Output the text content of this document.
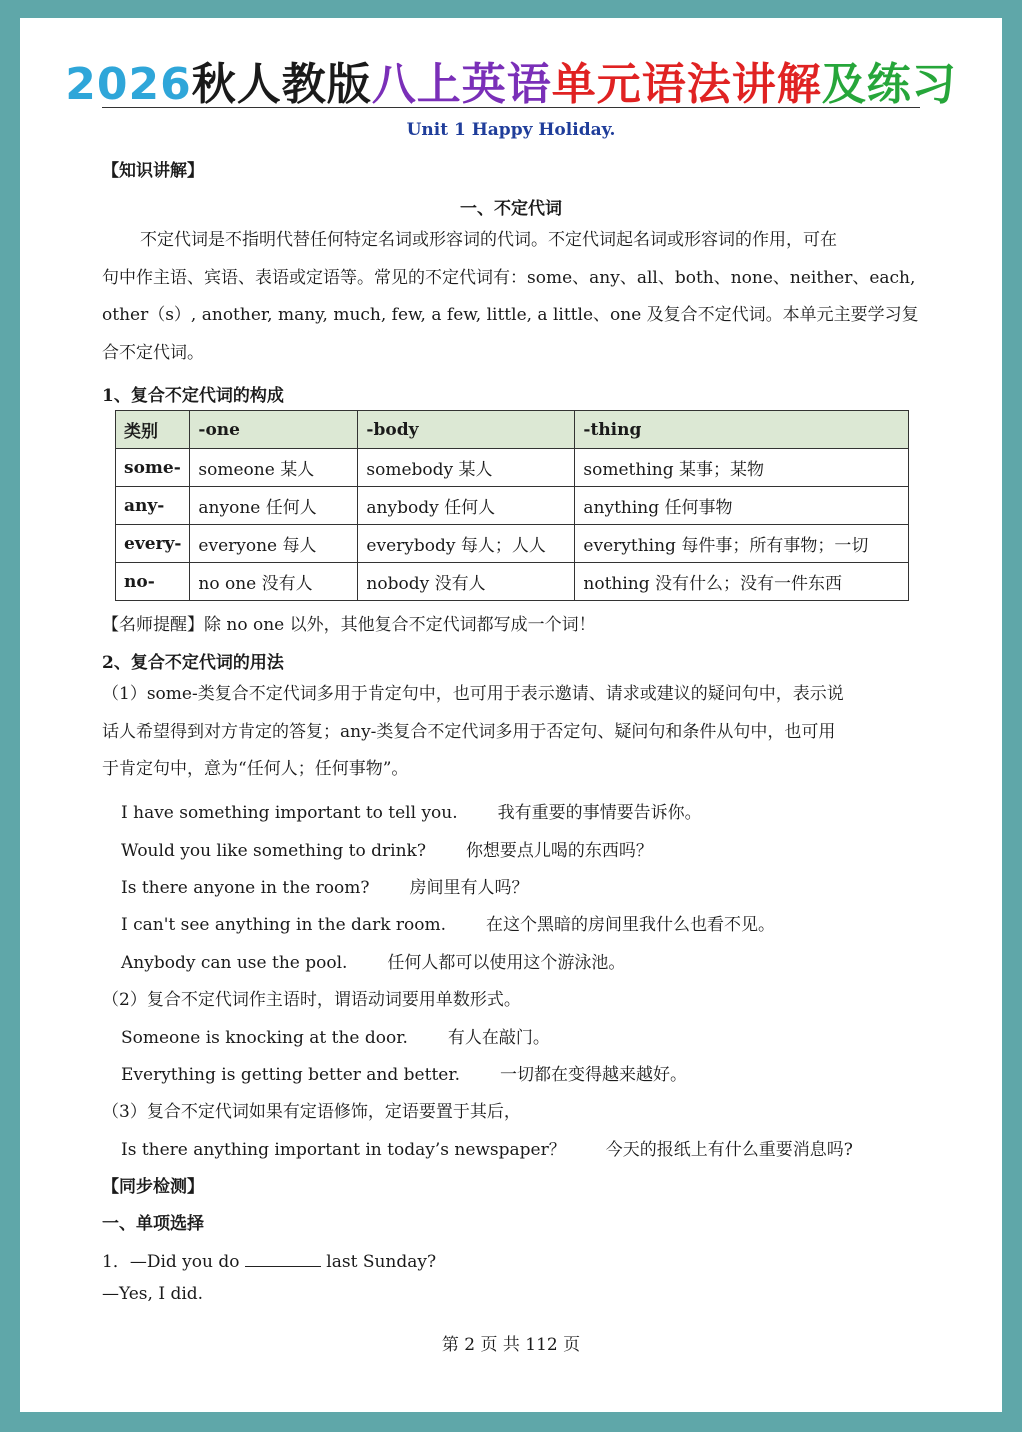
2026秋人教版八上英语单元语法讲解及练习
Unit 1 Happy Holiday.
【知识讲解】
一、不定代词
不定代词是不指明代替任何特定名词或形容词的代词。不定代词起名词或形容词的作用，可在
句中作主语、宾语、表语或定语等。常见的不定代词有：some、any、all、both、none、neither、each,
other（s）, another, many, much, few, a few, little, a little、one 及复合不定代词。本单元主要学习复
合不定代词。
1、复合不定代词的构成
类别	-one	-body	-thing
some-	someone 某人	somebody 某人	something 某事；某物
any-	anyone 任何人	anybody 任何人	anything 任何事物
every-	everyone 每人	everybody 每人；人人	everything 每件事；所有事物；一切
no-	no one 没有人	nobody 没有人	nothing 没有什么；没有一件东西
【名师提醒】除 no one 以外，其他复合不定代词都写成一个词！
2、复合不定代词的用法
（1）some-类复合不定代词多用于肯定句中，也可用于表示邀请、请求或建议的疑问句中，表示说
话人希望得到对方肯定的答复；any-类复合不定代词多用于否定句、疑问句和条件从句中，也可用
于肯定句中，意为“任何人；任何事物”。
I have something important to tell you. 我有重要的事情要告诉你。
Would you like something to drink? 你想要点儿喝的东西吗？
Is there anyone in the room? 房间里有人吗？
I can't see anything in the dark room. 在这个黑暗的房间里我什么也看不见。
Anybody can use the pool. 任何人都可以使用这个游泳池。
（2）复合不定代词作主语时，谓语动词要用单数形式。
Someone is knocking at the door. 有人在敲门。
Everything is getting better and better. 一切都在变得越来越好。
（3）复合不定代词如果有定语修饰，定语要置于其后，
Is there anything important in today’s newspaper？ 今天的报纸上有什么重要消息吗?
【同步检测】
一、单项选择
1．—Did you do	last Sunday?
—Yes, I did.
第 2 页 共 112 页
